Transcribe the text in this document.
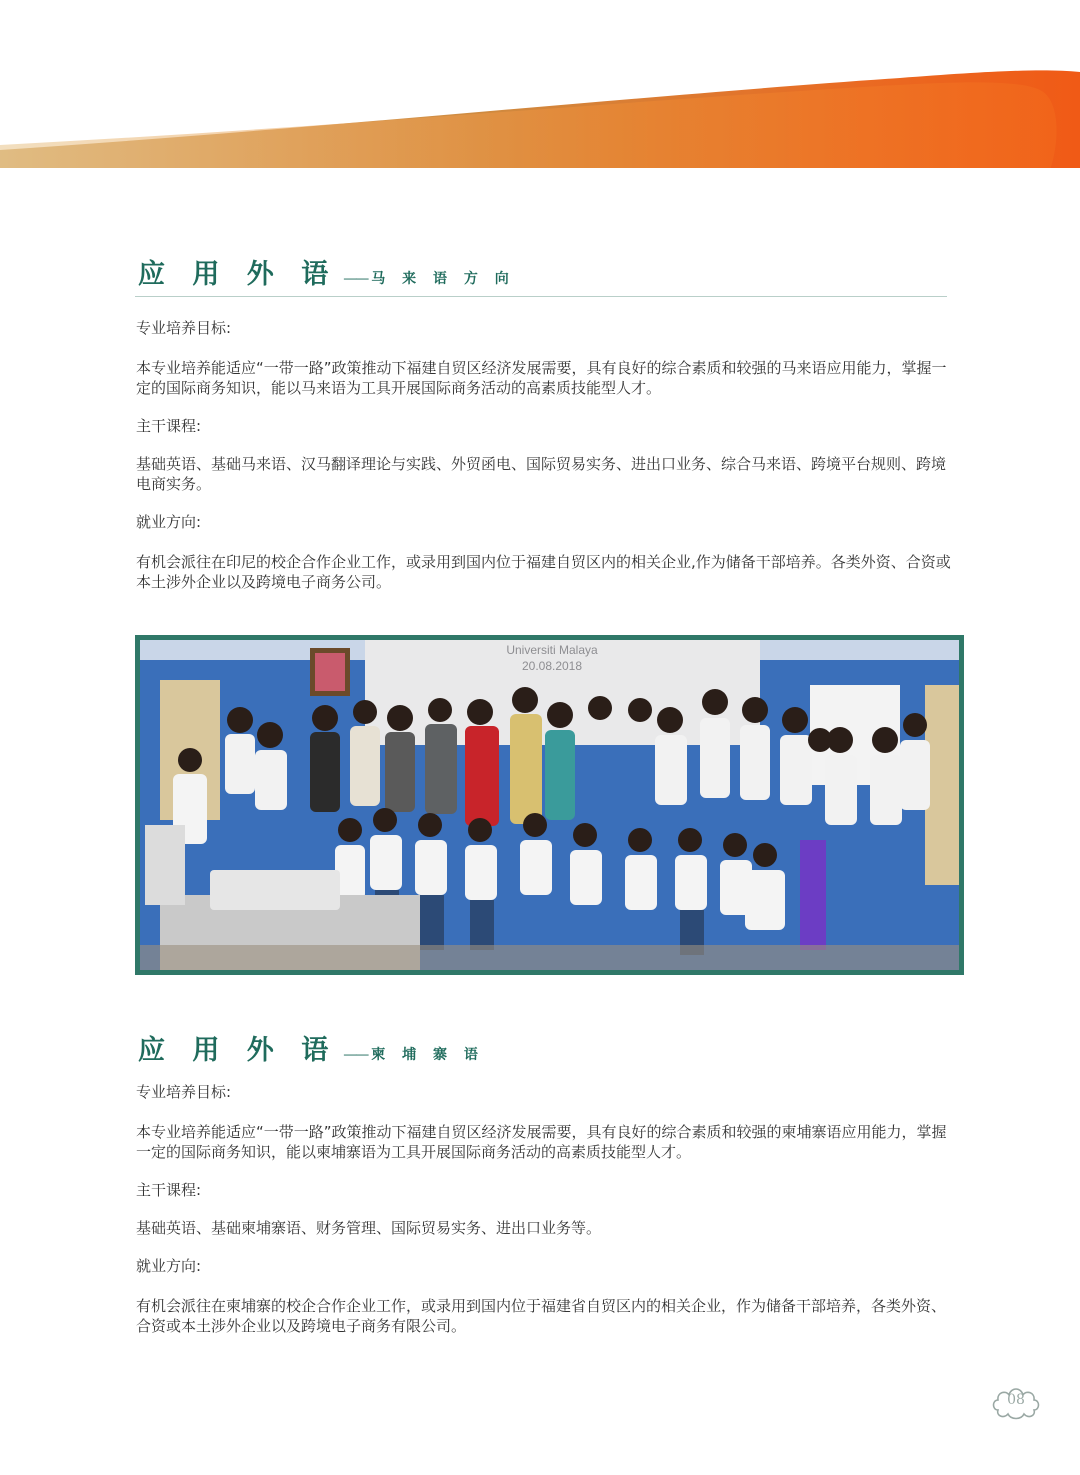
应 用 外 语 —— 马 来 语 方 向

专业培养目标:

本专业培养能适应“一带一路”政策推动下福建自贸区经济发展需要，具有良好的综合素质和较强的马来语应用能力，掌握一定的国际商务知识，能以马来语为工具开展国际商务活动的高素质技能型人才。

主干课程:

基础英语、基础马来语、汉马翻译理论与实践、外贸函电、国际贸易实务、进出口业务、综合马来语、跨境平台规则、跨境电商实务。

就业方向:

有机会派往在印尼的校企合作企业工作，或录用到国内位于福建自贸区内的相关企业,作为储备干部培养。各类外资、合资或本土涉外企业以及跨境电子商务公司。

Universiti Malaya
20.08.2018
应 用 外 语 —— 柬 埔 寨 语

专业培养目标:

本专业培养能适应“一带一路”政策推动下福建自贸区经济发展需要，具有良好的综合素质和较强的柬埔寨语应用能力，掌握一定的国际商务知识，能以柬埔寨语为工具开展国际商务活动的高素质技能型人才。

主干课程:

基础英语、基础柬埔寨语、财务管理、国际贸易实务、进出口业务等。

就业方向:

有机会派往在柬埔寨的校企合作企业工作，或录用到国内位于福建省自贸区内的相关企业，作为储备干部培养，各类外资、合资或本土涉外企业以及跨境电子商务有限公司。

08
